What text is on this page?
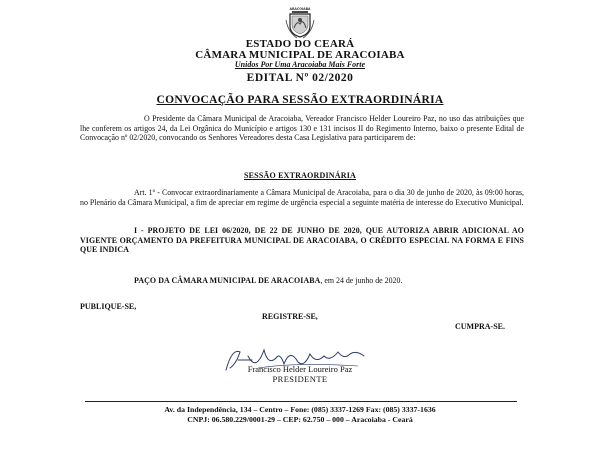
ARACOIABA
ESTADO DO CEARÁ
CÂMARA MUNICIPAL DE ARACOIABA
Unidos Por Uma Aracoiaba Mais Forte
EDITAL Nº 02/2020
CONVOCAÇÃO PARA SESSÃO EXTRAORDINÁRIA
O Presidente da Câmara Municipal de Aracoiaba, Vereador Francisco Helder Loureiro Paz, no uso das atribuições que lhe conferem os artigos 24, da Lei Orgânica do Município e artigos 130 e 131 incisos II do Regimento Interno, baixo o presente Edital de Convocação nº 02/2020, convocando os Senhores Vereadores desta Casa Legislativa para participarem de:
SESSÃO EXTRAORDINÁRIA
Art. 1º - Convocar extraordinariamente a Câmara Municipal de Aracoiaba, para o dia 30 de junho de 2020, às 09:00 horas, no Plenário da Câmara Municipal, a fim de apreciar em regime de urgência especial a seguinte matéria de interesse do Executivo Municipal.
I - PROJETO DE LEI 06/2020, DE 22 DE JUNHO DE 2020, QUE AUTORIZA ABRIR ADICIONAL AO VIGENTE ORÇAMENTO DA PREFEITURA MUNICIPAL DE ARACOIABA, O CRÉDITO ESPECIAL NA FORMA E FINS QUE INDICA
PAÇO DA CÂMARA MUNICIPAL DE ARACOIABA, em 24 de junho de 2020.
PUBLIQUE-SE,
REGISTRE-SE,
CUMPRA-SE.
Francisco Helder Loureiro Paz
PRESIDENTE
Av. da Independência, 134 – Centro – Fone: (085) 3337-1269 Fax: (085) 3337-1636
CNPJ: 06.580.229/0001-29 – CEP: 62.750 – 000 – Aracoiaba - Ceará
